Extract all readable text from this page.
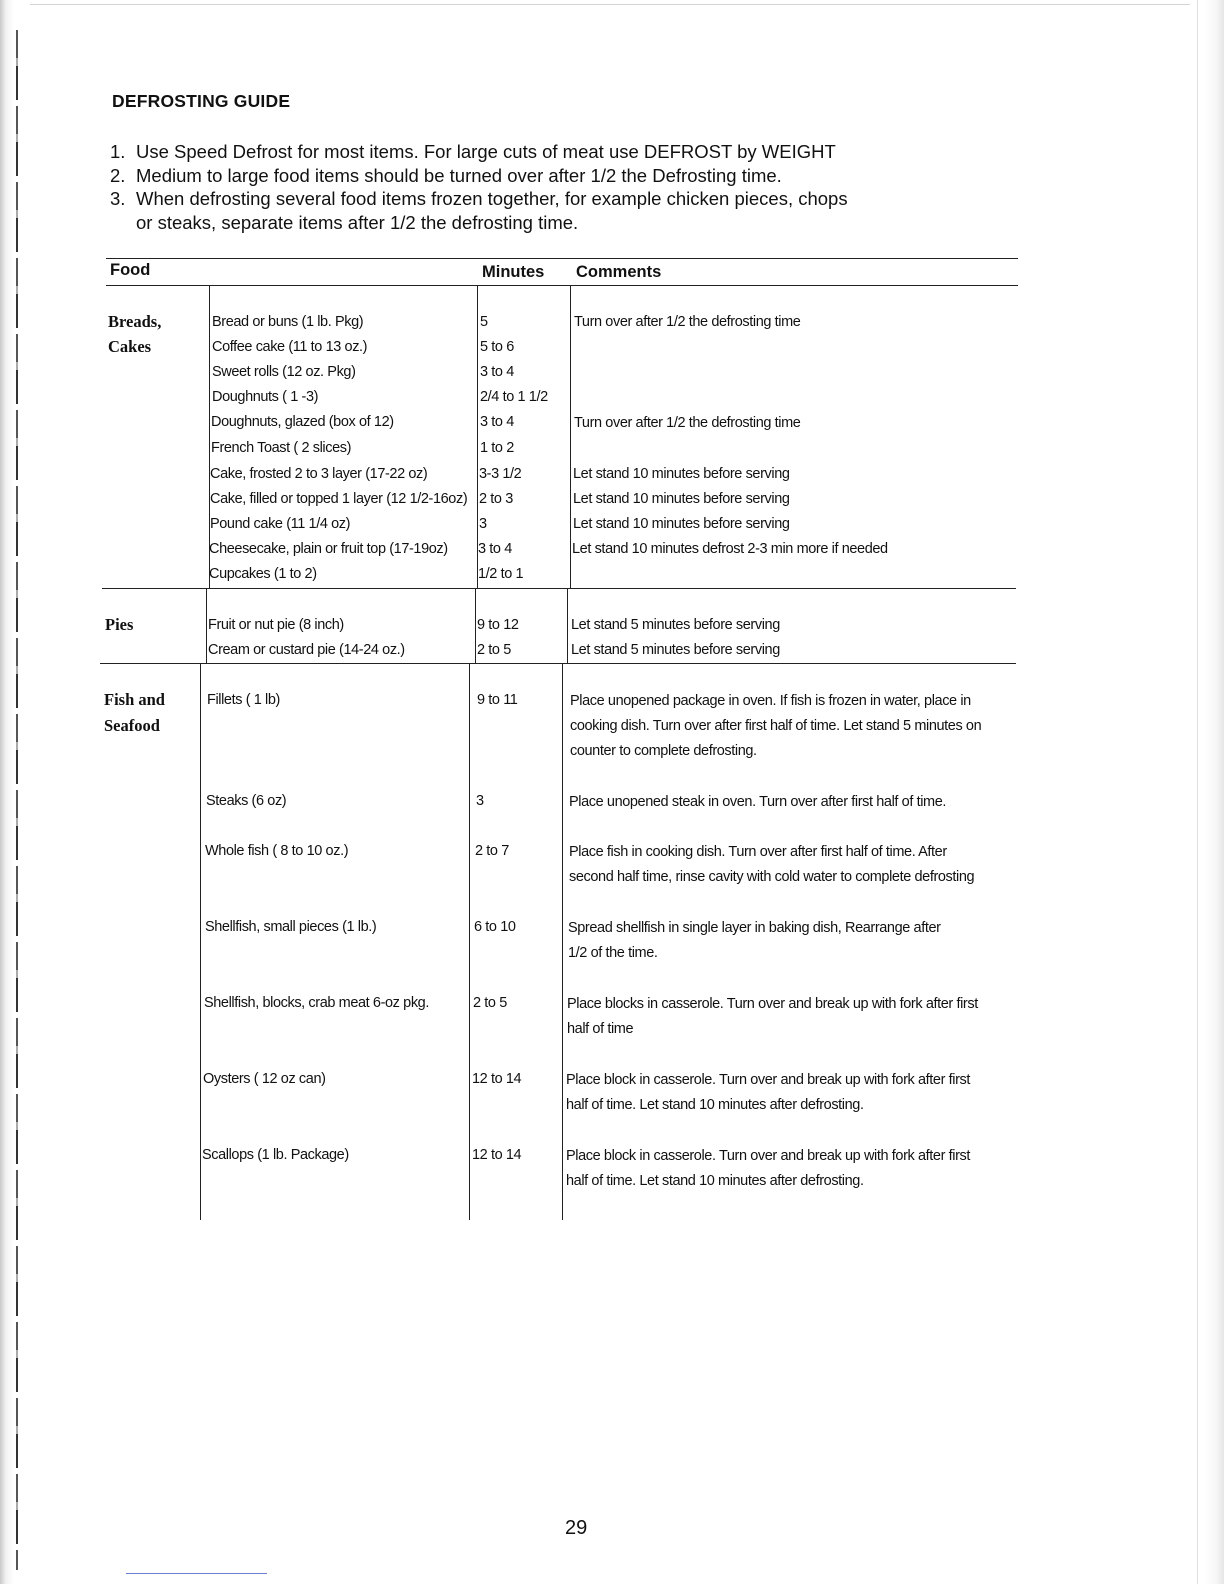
DEFROSTING GUIDE
1. Use Speed Defrost for most items. For large cuts of meat use DEFROST by WEIGHT
2. Medium to large food items should be turned over after 1/2 the Defrosting time.
3. When defrosting several food items frozen together, for example chicken pieces, chops or steaks, separate items after 1/2 the defrosting time.
Food	Minutes Comments
Breads,
Cakes
Bread or buns (1 lb. Pkg)	5	Turn over after 1/2 the defrosting time
Coffee cake (11 to 13 oz.)	5 to 6
Sweet rolls (12 oz. Pkg)	3 to 4
Doughnuts ( 1 -3)	2/4 to 1 1/2
Doughnuts, glazed (box of 12)	3 to 4	Turn over after 1/2 the defrosting time
French Toast ( 2 slices)	1 to 2
Cake, frosted 2 to 3 layer (17-22 oz)	3-3 1/2	Let stand 10 minutes before serving
Cake, filled or topped 1 layer (12 1/2-16oz) 2 to 3	Let stand 10 minutes before serving
Pound cake (11 1/4 oz)	3	Let stand 10 minutes before serving
Cheesecake, plain or fruit top (17-19oz) 3 to 4	Let stand 10 minutes defrost 2-3 min more if needed
Cupcakes (1 to 2)	1/2 to 1
Pies	Fruit or nut pie (8 inch)	9 to 12	Let stand 5 minutes before serving
Cream or custard pie (14-24 oz.)	2 to 5	Let stand 5 minutes before serving
Fish and
Seafood
Fillets ( 1 lb)	9 to 11	Place unopened package in oven. If fish is frozen in water, place in cooking dish. Turn over after first half of time. Let stand 5 minutes on counter to complete defrosting.
Steaks (6 oz)	3	Place unopened steak in oven. Turn over after first half of time.
Whole fish ( 8 to 10 oz.)	2 to 7	Place fish in cooking dish. Turn over after first half of time. After second half time, rinse cavity with cold water to complete defrosting
Shellfish, small pieces (1 lb.)	6 to 10	Spread shellfish in single layer in baking dish, Rearrange after 1/2 of the time.
Shellfish, blocks, crab meat 6-oz pkg.	2 to 5	Place blocks in casserole. Turn over and break up with fork after first half of time
Oysters ( 12 oz can)	12 to 14	Place block in casserole. Turn over and break up with fork after first half of time. Let stand 10 minutes after defrosting.
Scallops (1 lb. Package)	12 to 14	Place block in casserole. Turn over and break up with fork after first half of time. Let stand 10 minutes after defrosting.
29
